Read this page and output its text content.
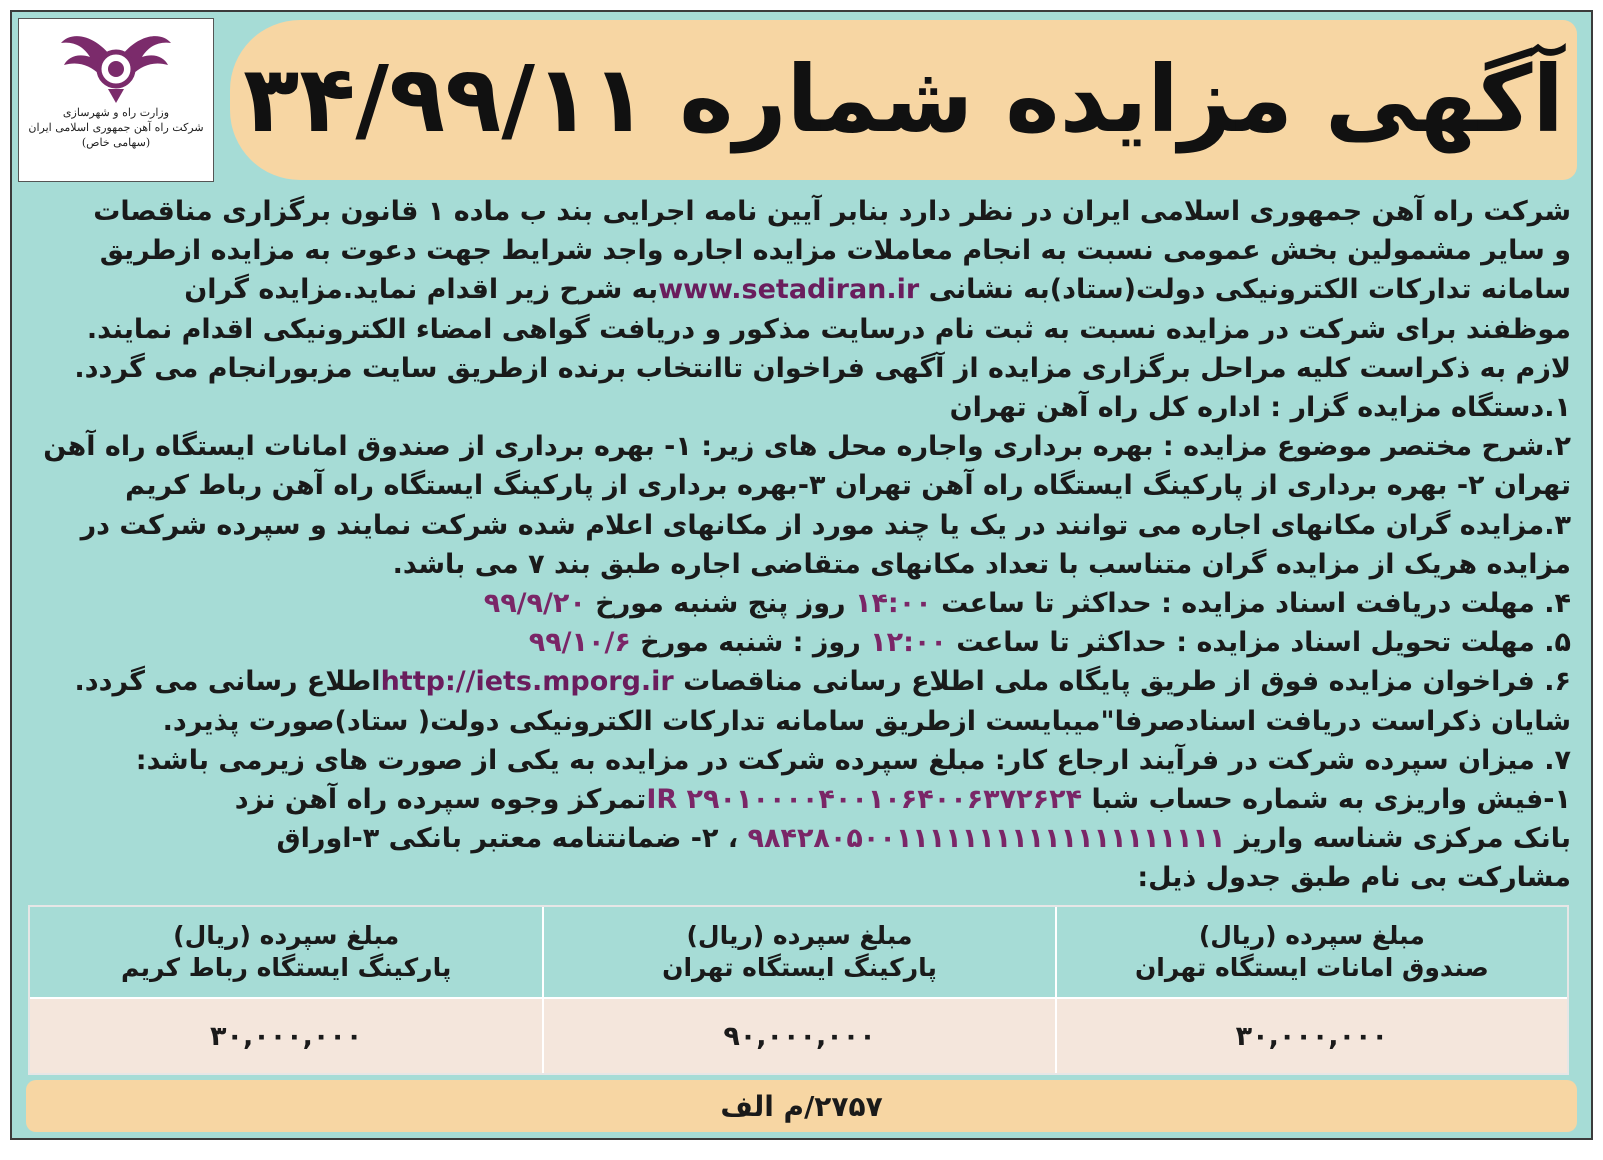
وزارت راه و شهرسازی
شرکت راه آهن جمهوری اسلامی ایران
(سهامی خاص)	آگهی مزایده شماره ۳۴/۹۹/۱۱

شرکت راه آهن جمهوری اسلامی ایران در نظر دارد بنابر آیین نامه اجرایی بند ب ماده ۱ قانون برگزاری مناقصات

و سایر مشمولین بخش عمومی نسبت به انجام معاملات مزایده اجاره واجد شرایط جهت دعوت به مزایده ازطریق

سامانه تدارکات الکترونیکی دولت(ستاد)به نشانی www.setadiran.irبه شرح زیر اقدام نماید.مزایده گران

موظفند برای شرکت در مزایده نسبت به ثبت نام درسایت مذکور و دریافت گواهی امضاء الکترونیکی اقدام نمایند.

لازم به ذکراست کلیه مراحل برگزاری مزایده از آگهی فراخوان تاانتخاب برنده ازطریق سایت مزبورانجام می گردد.

۱.دستگاه مزایده گزار : اداره کل راه آهن تهران

۲.شرح مختصر موضوع مزایده : بهره برداری واجاره محل های زیر: ۱- بهره برداری از صندوق امانات ایستگاه راه آهن

تهران ۲- بهره برداری از پارکینگ ایستگاه راه آهن تهران ۳-بهره برداری از پارکینگ ایستگاه راه آهن رباط کریم

۳.مزایده گران مکانهای اجاره می توانند در یک یا چند مورد از مکانهای اعلام شده شرکت نمایند و سپرده شرکت در

مزایده هریک از مزایده گران متناسب با تعداد مکانهای متقاضی اجاره طبق بند ۷ می باشد.

۴. مهلت دریافت اسناد مزایده : حداکثر تا ساعت ۱۴:۰۰ روز پنج شنبه مورخ ۹۹/۹/۲۰

۵. مهلت تحویل اسناد مزایده : حداکثر تا ساعت ۱۲:۰۰ روز : شنبه مورخ ۹۹/۱۰/۶

۶. فراخوان مزایده فوق از طریق پایگاه ملی اطلاع رسانی مناقصات http://iets.mporg.irاطلاع رسانی می گردد.

شایان ذکراست دریافت اسنادصرفا"میبایست ازطریق سامانه تدارکات الکترونیکی دولت( ستاد)صورت پذیرد.

۷. میزان سپرده شرکت در فرآیند ارجاع کار: مبلغ سپرده شرکت در مزایده به یکی از صورت های زیرمی باشد:

۱-فیش واریزی به شماره حساب شبا IR ۲۹۰۱۰۰۰۰۴۰۰۱۰۶۴۰۰۶۳۷۲۶۲۴تمرکز وجوه سپرده راه آهن نزد

بانک مرکزی شناسه واریز ۹۸۴۲۸۰۵۰۰۱۱۱۱۱۱۱۱۱۱۱۱۱۱۱۱۱۱۱۱ ، ۲- ضمانتنامه معتبر بانکی ۳-اوراق

مشارکت بی نام طبق جدول ذیل:

مبلغ سپرده (ریال)
صندوق امانات ایستگاه تهران
مبلغ سپرده (ریال)
پارکینگ ایستگاه تهران
مبلغ سپرده (ریال)
پارکینگ ایستگاه رباط کریم
۳۰,۰۰۰,۰۰۰
۹۰,۰۰۰,۰۰۰
۳۰,۰۰۰,۰۰۰
۲۷۵۷/م الف
